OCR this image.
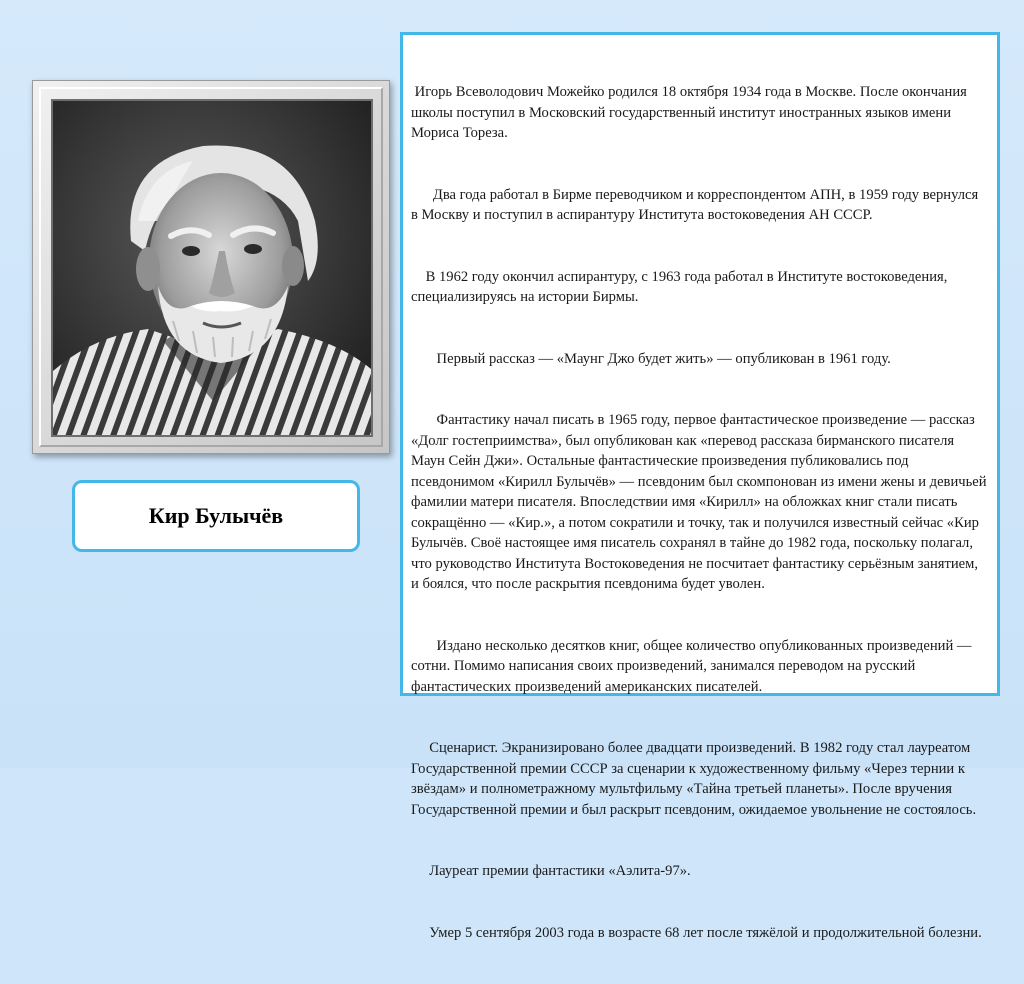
Кир Булычёв

Игорь Всеволодович Можейко родился 18 октября 1934 года в Москве. После окончания школы поступил в Московский государственный институт иностранных языков имени Мориса Тореза.

Два года работал в Бирме переводчиком и корреспондентом АПН, в 1959 году вернулся в Москву и поступил в аспирантуру Института востоковедения АН СССР.

В 1962 году окончил аспирантуру, с 1963 года работал в Институте востоковедения, специализируясь на истории Бирмы.

Первый рассказ — «Маунг Джо будет жить» — опубликован в 1961 году.

Фантастику начал писать в 1965 году, первое фантастическое произведение — рассказ «Долг гостеприимства», был опубликован как «перевод рассказа бирманского писателя Маун Сейн Джи». Остальные фантастические произведения публиковались под псевдонимом «Кирилл Булычёв» — псевдоним был скомпонован из имени жены и девичьей фамилии матери писателя. Впоследствии имя «Кирилл» на обложках книг стали писать сокращённо — «Кир.», а потом сократили и точку, так и получился известный сейчас «Кир Булычёв. Своё настоящее имя писатель сохранял в тайне до 1982 года, поскольку полагал, что руководство Института Востоковедения не посчитает фантастику серьёзным занятием, и боялся, что после раскрытия псевдонима будет уволен.

Издано несколько десятков книг, общее количество опубликованных произведений — сотни. Помимо написания своих произведений, занимался переводом на русский фантастических произведений американских писателей.

Сценарист. Экранизировано более двадцати произведений. В 1982 году стал лауреатом Государственной премии СССР за сценарии к художественному фильму «Через тернии к звёздам» и полнометражному мультфильму «Тайна третьей планеты». После вручения Государственной премии и был раскрыт псевдоним, ожидаемое увольнение не состоялось.

Лауреат премии фантастики «Аэлита-97».

Умер 5 сентября 2003 года в возрасте 68 лет после тяжёлой и продолжительной болезни.
